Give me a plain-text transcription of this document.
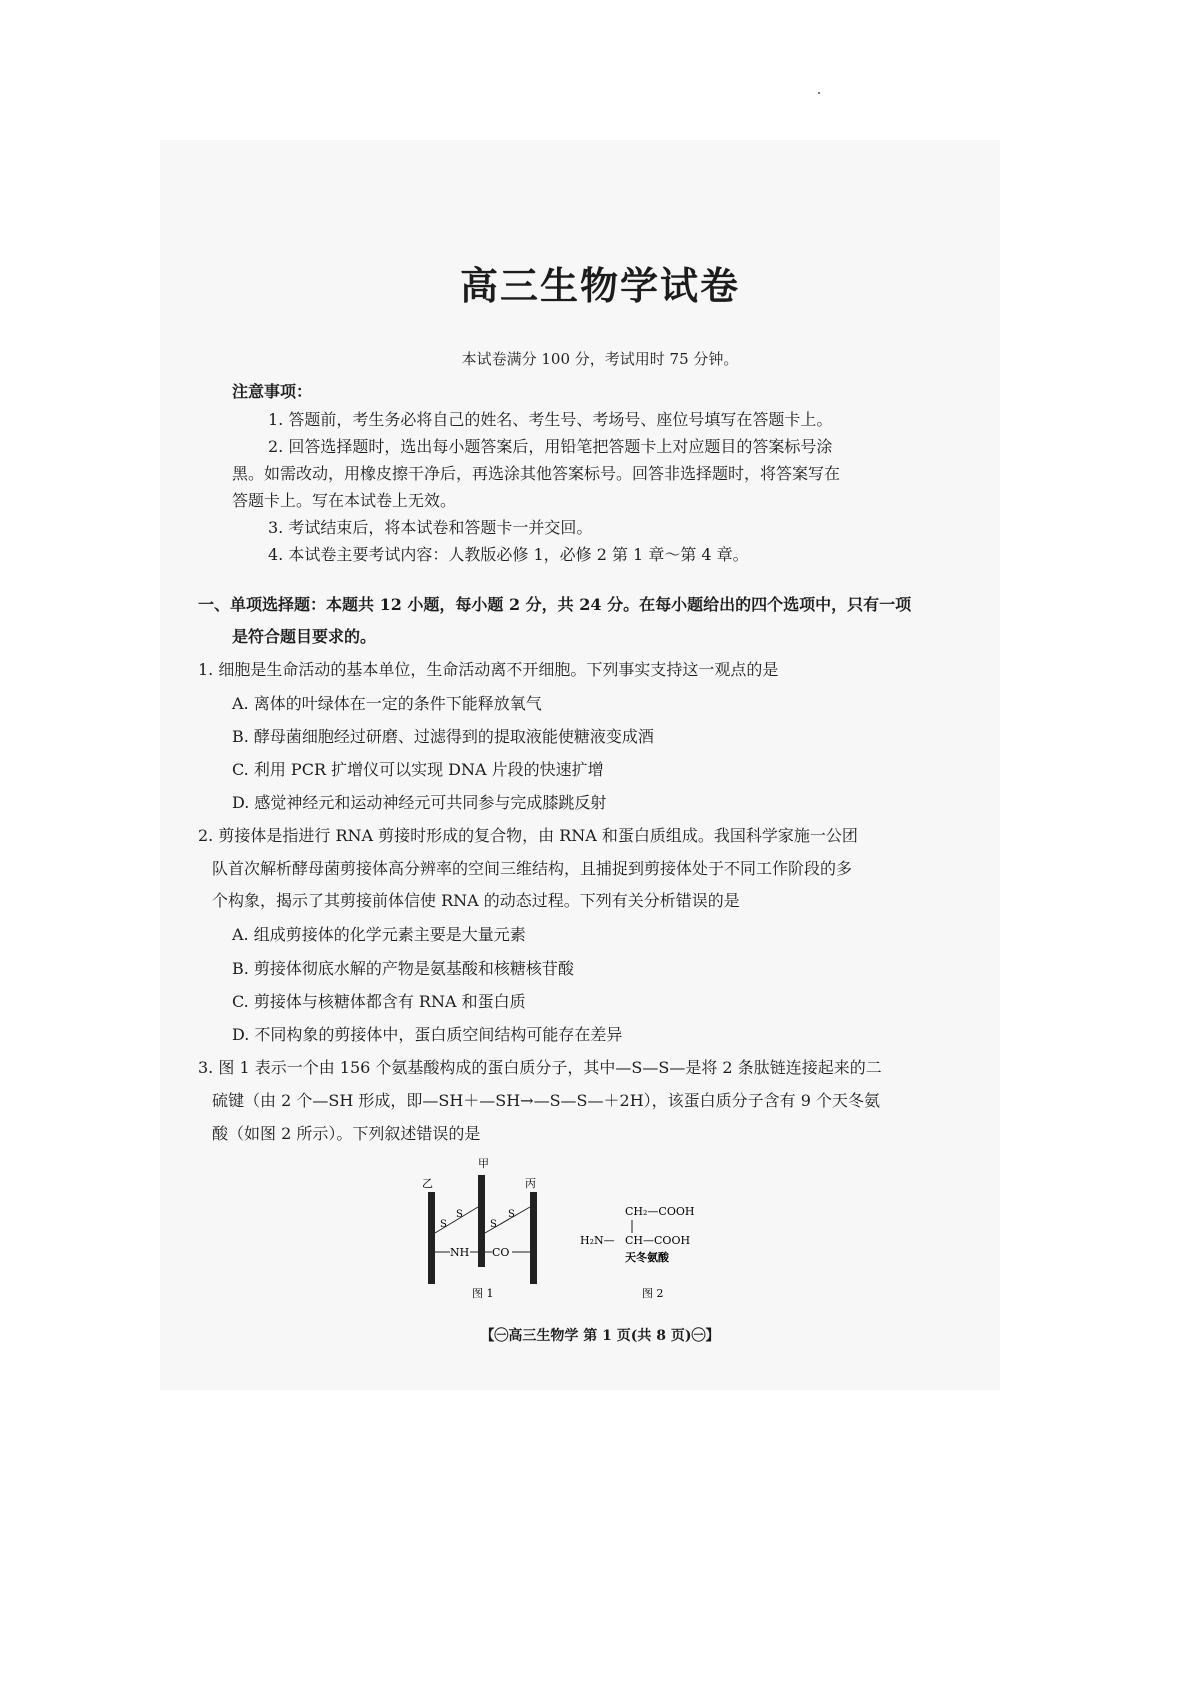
高三生物学试卷
本试卷满分 100 分，考试用时 75 分钟。
注意事项：
1. 答题前，考生务必将自己的姓名、考生号、考场号、座位号填写在答题卡上。
2. 回答选择题时，选出每小题答案后，用铅笔把答题卡上对应题目的答案标号涂
黑。如需改动，用橡皮擦干净后，再选涂其他答案标号。回答非选择题时，将答案写在
答题卡上。写在本试卷上无效。
3. 考试结束后，将本试卷和答题卡一并交回。
4. 本试卷主要考试内容：人教版必修 1，必修 2 第 1 章～第 4 章。
一、单项选择题：本题共 12 小题，每小题 2 分，共 24 分。在每小题给出的四个选项中，只有一项
是符合题目要求的。
1. 细胞是生命活动的基本单位，生命活动离不开细胞。下列事实支持这一观点的是
A. 离体的叶绿体在一定的条件下能释放氧气
B. 酵母菌细胞经过研磨、过滤得到的提取液能使糖液变成酒
C. 利用 PCR 扩增仪可以实现 DNA 片段的快速扩增
D. 感觉神经元和运动神经元可共同参与完成膝跳反射
2. 剪接体是指进行 RNA 剪接时形成的复合物，由 RNA 和蛋白质组成。我国科学家施一公团
队首次解析酵母菌剪接体高分辨率的空间三维结构，且捕捉到剪接体处于不同工作阶段的多
个构象，揭示了其剪接前体信使 RNA 的动态过程。下列有关分析错误的是
A. 组成剪接体的化学元素主要是大量元素
B. 剪接体彻底水解的产物是氨基酸和核糖核苷酸
C. 剪接体与核糖体都含有 RNA 和蛋白质
D. 不同构象的剪接体中，蛋白质空间结构可能存在差异
3. 图 1 表示一个由 156 个氨基酸构成的蛋白质分子，其中—S—S—是将 2 条肽链连接起来的二
硫键（由 2 个—SH 形成，即—SH＋—SH→—S—S—＋2H），该蛋白质分子含有 9 个天冬氨
酸（如图 2 所示）。下列叙述错误的是
甲
乙	丙
S
S
S
S
NH CO
图 1
CH₂—COOH
H₂N— CH—COOH
天冬氨酸
图 2
【㊀高三生物学 第 1 页(共 8 页)㊀】
